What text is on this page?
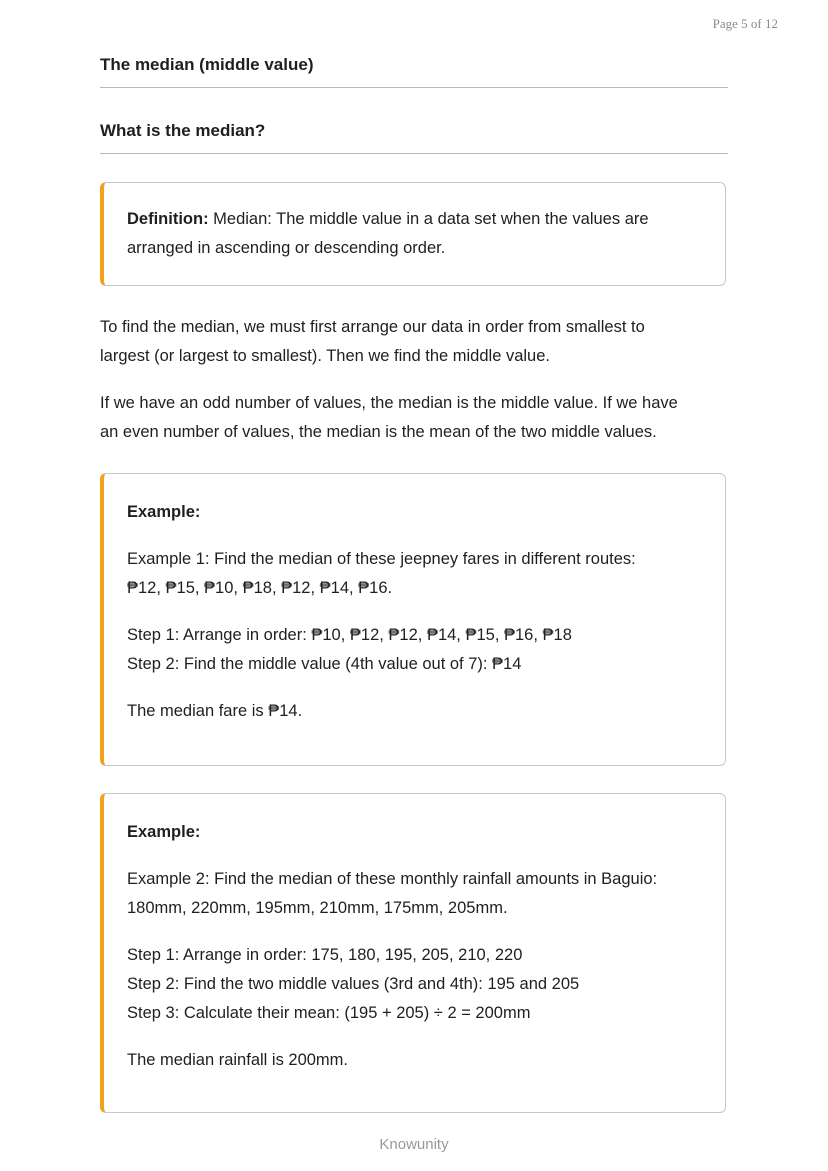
Page 5 of 12
The median (middle value)
What is the median?

Definition: Median: The middle value in a data set when the values are

arranged in ascending or descending order.

To find the median, we must first arrange our data in order from smallest to
largest (or largest to smallest). Then we find the middle value.
If we have an odd number of values, the median is the middle value. If we have
an even number of values, the median is the mean of the two middle values.

Example:

Example 1: Find the median of these jeepney fares in different routes:

₱12, ₱15, ₱10, ₱18, ₱12, ₱14, ₱16.

Step 1: Arrange in order: ₱10, ₱12, ₱12, ₱14, ₱15, ₱16, ₱18

Step 2: Find the middle value (4th value out of 7): ₱14

The median fare is ₱14.

Example:

Example 2: Find the median of these monthly rainfall amounts in Baguio:

180mm, 220mm, 195mm, 210mm, 175mm, 205mm.

Step 1: Arrange in order: 175, 180, 195, 205, 210, 220

Step 2: Find the two middle values (3rd and 4th): 195 and 205

Step 3: Calculate their mean: (195 + 205) ÷ 2 = 200mm

The median rainfall is 200mm.

Knowunity
